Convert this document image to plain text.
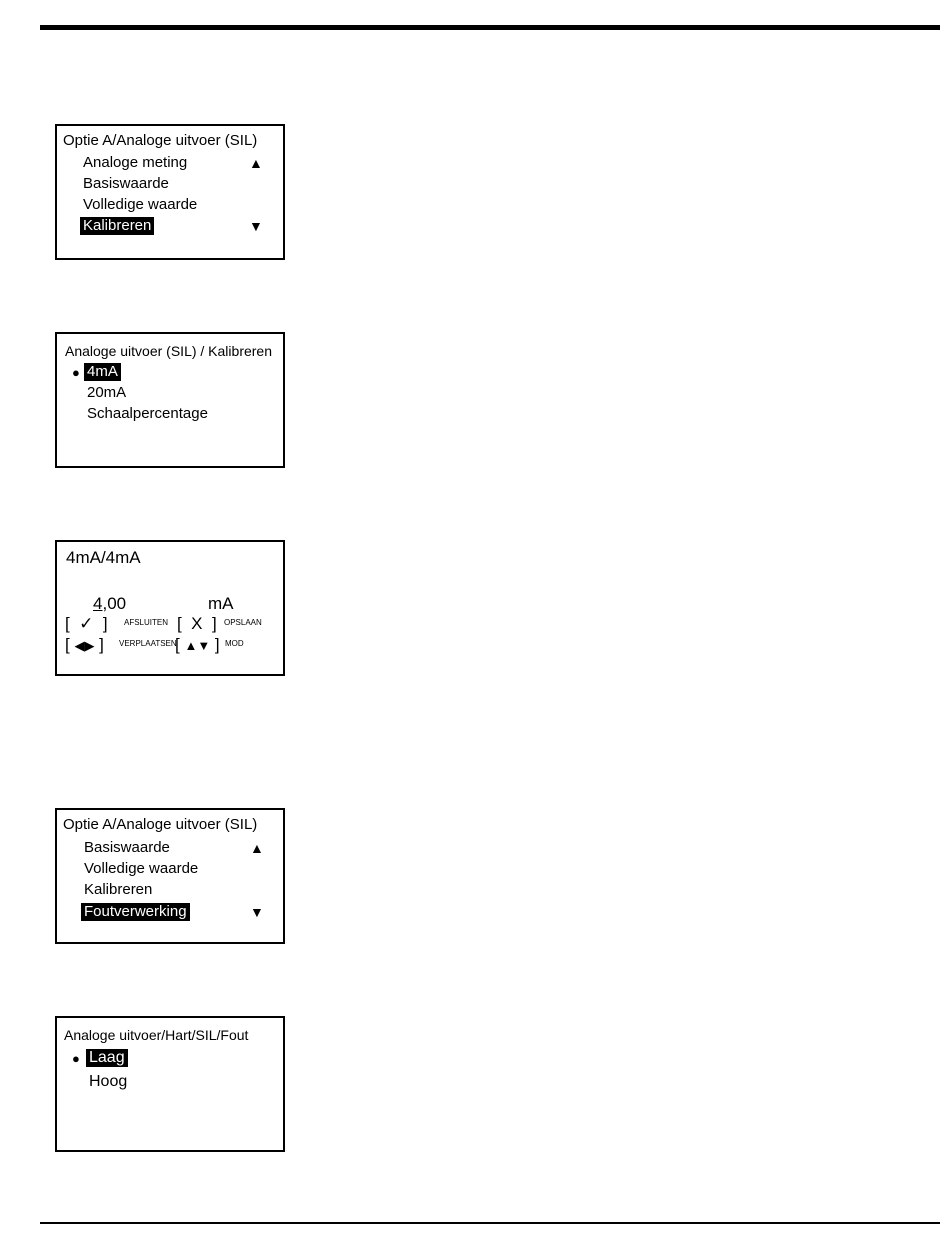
Optie A/Analoge uitvoer (SIL)
Analoge meting	▲
Basiswaarde
Volledige waarde
Kalibreren	▼
Analoge uitvoer (SIL) / Kalibreren
● 4mA
20mA
Schaalpercentage
4mA/4mA
4,00	mA
[  ✓  ] AFSLUITEN [  X  ] OPSLAAN
[ ◀▶ ] VERPLAATSEN
[ ▲▼ ] MOD
Optie A/Analoge uitvoer (SIL)
Basiswaarde	▲
Volledige waarde
Kalibreren
Foutverwerking	▼
Analoge uitvoer/Hart/SIL/Fout
● Laag
Hoog
